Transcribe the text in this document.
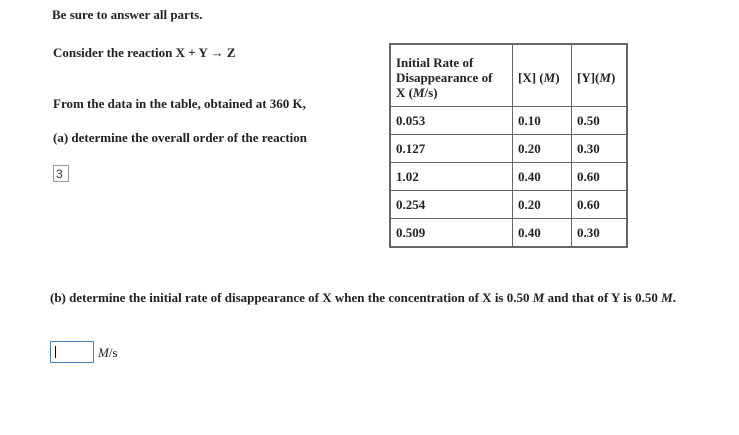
Be sure to answer all parts.
Consider the reaction X + Y → Z
From the data in the table, obtained at 360 K,
(a) determine the overall order of the reaction
3
Initial Rate of
Disappearance of
X (M/s)	[X] (M)	[Y](M)
0.053	0.10	0.50
0.127	0.20	0.30
1.02	0.40	0.60
0.254	0.20	0.60
0.509	0.40	0.30
(b) determine the initial rate of disappearance of X when the concentration of X is 0.50 M and that of Y is 0.50 M.
M/s
